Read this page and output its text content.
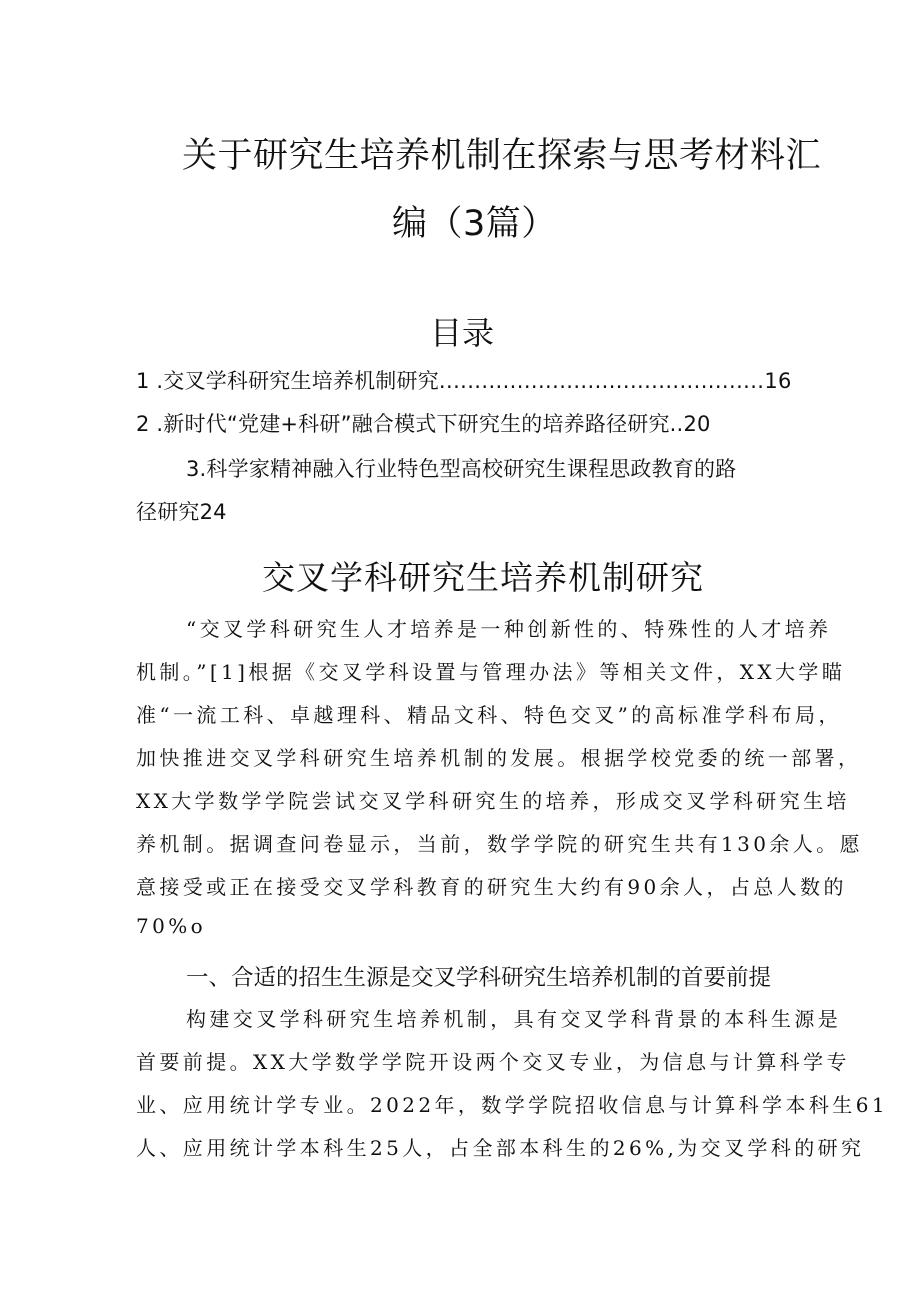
关于研究生培养机制在探索与思考材料汇
编（3篇）
目录
1 .交叉学科研究生培养机制研究..............................................16
2 .新时代“党建+科研”融合模式下研究生的培养路径研究..20
3.科学家精神融入行业特色型高校研究生课程思政教育的路
径研究24
交叉学科研究生培养机制研究
“交叉学科研究生人才培养是一种创新性的、特殊性的人才培养
机制。”[1]根据《交叉学科设置与管理办法》等相关文件，XX大学瞄
准“一流工科、卓越理科、精品文科、特色交叉”的高标准学科布局，
加快推进交叉学科研究生培养机制的发展。根据学校党委的统一部署，
XX大学数学学院尝试交叉学科研究生的培养，形成交叉学科研究生培
养机制。据调查问卷显示，当前，数学学院的研究生共有130余人。愿
意接受或正在接受交叉学科教育的研究生大约有90余人，占总人数的
70%o
一、合适的招生生源是交叉学科研究生培养机制的首要前提
构建交叉学科研究生培养机制，具有交叉学科背景的本科生源是
首要前提。XX大学数学学院开设两个交叉专业，为信息与计算科学专
业、应用统计学专业。2022年，数学学院招收信息与计算科学本科生61
人、应用统计学本科生25人，占全部本科生的26%,为交叉学科的研究
